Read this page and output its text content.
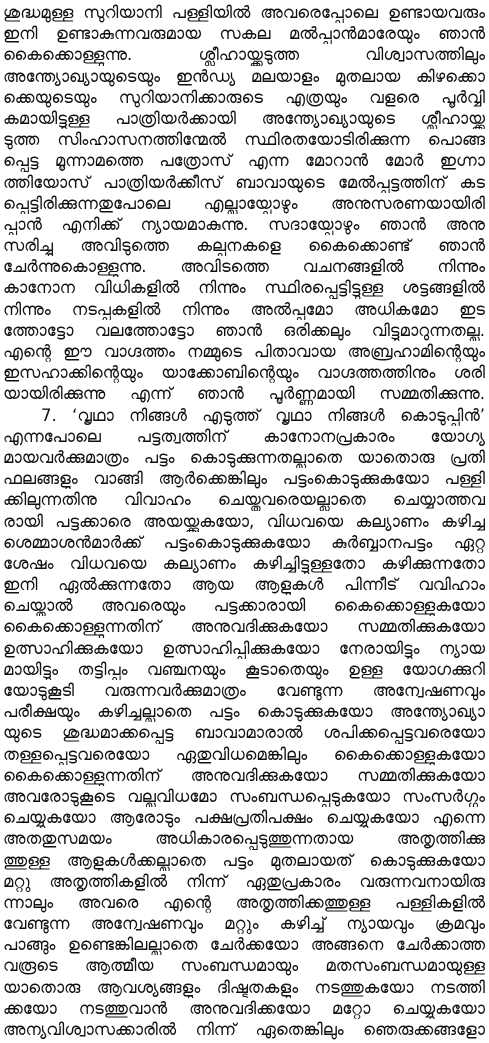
ശുദ്ധമുള്ള സുറിയാനി പള്ളിയിൽ അവരെപ്പോലെ ഉണ്ടായവരും
ഇനി ഉണ്ടാകുന്നവരുമായ സകല മൽപ്പാൻമാരേയും ഞാൻ
കൈക്കൊള്ളുന്നു. ശ്ലീഹായ്ക്കടുത്ത വിശ്വാസത്തിലും
അന്ത്യോഖ്യായുടെയും ഇൻഡ്യ മലയാളം മുതലായ കിഴക്കൊ
ക്കെയുടെയും സുറിയാനിക്കാരുടെ എത്രയും വളരെ പൂർവ്വി
കമായിട്ടുള്ള പാത്രിയർക്കായി അന്ത്യോഖ്യായുടെ ശ്ലീഹായ്ക്ക
ടുത്ത സിംഹാസനത്തിന്മേൽ സ്ഥിരതയോടിരിക്കുന്ന പൊങ്ങ
പ്പെട്ട മൂന്നാമത്തെ പത്രോസ് എന്ന മോറാൻ മോർ ഇഗ്നാ
ത്തിയോസ് പാത്രിയർക്കീസ് ബാവായുടെ മേൽപ്പട്ടത്തിന് കട
പ്പെട്ടിരിക്കുന്നതുപോലെ എല്ലായ്പോഴും അനുസരണയായിരി
പ്പാൻ എനിക്ക് ന്യായമാകുന്നു. സദായ്പോഴും ഞാൻ അനു
സരിച്ചു അവിടുത്തെ കല്പനകളെ കൈക്കൊണ്ട് ഞാൻ
ചേർന്നുകൊള്ളുന്നു. അവിടത്തെ വചനങ്ങളിൽ നിന്നും
കാനോന വിധികളിൽ നിന്നും സ്ഥിരപ്പെട്ടിട്ടുള്ള ശട്ടങ്ങളിൽ
നിന്നും നടപ്പുകളിൽ നിന്നും അൽപ്പമോ അധികമോ ഇട
ത്തോട്ടോ വലത്തോട്ടോ ഞാൻ ഒരിക്കലും വിട്ടുമാറുന്നതല്ല.
എന്റെ ഈ വാഗ്ദത്തം നമ്മുടെ പിതാവായ അബ്രഹാമിന്റെയും
ഇസഹാക്കിന്റെയും യാക്കോബിന്റെയും വാഗ്ദത്തത്തിനും ശരി
യായിരിക്കുന്നു എന്ന് ഞാൻ പൂർണ്ണമായി സമ്മതിക്കുന്നു.
7. ‘വൃഥാ നിങ്ങൾ എടുത്ത് വൃഥാ നിങ്ങൾ കൊടുപ്പിൻ’
എന്നപോലെ പട്ടത്വത്തിന് കാനോനപ്രകാരം യോഗ്യ
മായവർക്കുമാത്രം പട്ടം കൊടുക്കുന്നതല്ലാതെ യാതൊരു പ്രതി
ഫലങ്ങളും വാങ്ങി ആർക്കെങ്കിലും പട്ടംകൊടുക്കുകയോ പള്ളി
ക്കിലുന്നതിനു വിവാഹം ചെയ്തവരെയല്ലാതെ ചെയ്യാത്തവ
രായി പട്ടക്കാരെ അയയ്ക്കുകയോ, വിധവയെ കല്യാണം കഴിച്ച
ശെമ്മാശൻമാർക്ക് പട്ടംകൊടുക്കുകയോ കുർബ്ബാനപട്ടം ഏറ്റ
ശേഷം വിധവയെ കല്യാണം കഴിച്ചിട്ടുള്ളതോ കഴിക്കുന്നതോ
ഇനി ഏൽക്കുന്നതോ ആയ ആളുകൾ പിന്നീട് വവിഹാം
ചെയ്താൽ അവരെയും പട്ടക്കാരായി കൈക്കൊള്ളുകയോ
കൈക്കൊള്ളുന്നതിന് അനുവദിക്കുകയോ സമ്മതിക്കുകയോ
ഉത്സാഹിക്കുകയോ ഉത്സാഹിപ്പിക്കുകയോ നേരായിട്ടും ന്യായ
മായിട്ടും തട്ടിപ്പും വഞ്ചനയും കൂടാതെയും ഉള്ള യോഗക്കുറി
യോടുകൂടി വരുന്നവർക്കുമാത്രം വേണ്ടുന്ന അന്വേഷണവും
പരീക്ഷയും കഴിച്ചല്ലാതെ പട്ടം കൊടുക്കുകയോ അന്ത്യോഖ്യാ
യുടെ ശുദ്ധമാക്കപ്പെട്ട ബാവാമാരാൽ ശപിക്കപ്പെട്ടവരെയോ
തള്ളപ്പെട്ടവരെയോ ഏതുവിധമെങ്കിലും കൈക്കൊള്ളുകയോ
കൈക്കൊള്ളുന്നതിന് അനുവദിക്കുകയോ സമ്മതിക്കുകയോ
അവരോടുകൂടെ വല്ലവിധമോ സംബന്ധപ്പെടുകയോ സംസർഗ്ഗം
ചെയ്യുകയോ ആരോടും പക്ഷപ്രതിപക്ഷം ചെയ്യുകയോ എന്നെ
അതതുസമയം അധികാരപ്പെടുത്തുന്നതായ അതൃത്തിക്കു
ത്തുള്ള ആളുകൾക്കല്ലാതെ പട്ടം മുതലായത് കൊടുക്കുകയോ
മറ്റു അതൃത്തികളിൽ നിന്ന് ഏതുപ്രകാരം വരുന്നവനായിരു
ന്നാലും അവരെ എന്റെ അതൃത്തിക്കത്തുള്ള പള്ളികളിൽ
വേണ്ടുന്ന അന്വേഷണവും മറ്റും കഴിച്ച് ന്യായവും ക്രമവും
പാങ്ങും ഉണ്ടെങ്കിലല്ലാതെ ചേർക്കയോ അങ്ങനെ ചേർക്കാത്ത
വരൂടെ ആത്മീയ സംബന്ധമായും മതസംബന്ധമായുള്ള
യാതൊരു ആവശ്യങ്ങളും ദിഷ്ടതകളും നടത്തുകയോ നടത്തി
ക്കയോ നടത്തുവാൻ അനുവദിക്കയോ മറ്റോ ചെയ്യുകയോ
അന്യവിശ്വാസക്കാരിൽ നിന്ന് ഏതെങ്കിലും ഞെരുക്കങ്ങളോ
